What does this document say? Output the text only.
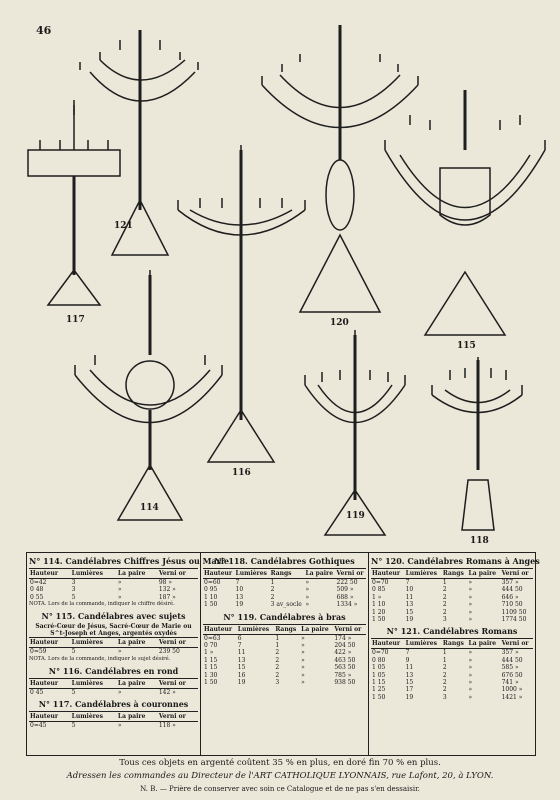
46
117
121
116
120
115
114
119
118
N° 114. Candélabres Chiffres Jésus ou Marie
Hauteur	Lumières	La paire	Verni or
0=42	3	»	98 »
0 48	3	»	132 »
0 55	5	»	187 »
NOTA. Lors de la commande, indiquer le chiffre désiré.
N° 115. Candélabres avec sujets
Sacré-Cœur de Jésus, Sacré-Cœur de Marie ou S^t-Joseph et Anges, argentés oxydés
Hauteur	Lumières	La paire	Verni or
0=59	5	»	239 50
NOTA. Lors de la commande, indiquer le sujet désiré.
N° 116. Candélabres en rond
Hauteur	Lumières	La paire	Verni or
0 45	5	»	142 »
N° 117. Candélabres à couronnes
Hauteur	Lumières	La paire	Verni or
0=45	5	»	118 »
N° 118. Candélabres Gothiques
Hauteur	Lumières	Rangs	La paire	Verni or
0=60	7	1	»	222 50
0 95	10	2	»	509 »
1 10	13	2	»	688 »
1 50	19	3 av_socle	»	1334 »
N° 119. Candélabres à bras
Hauteur	Lumières	Rangs	La paire	Verni or
0=63	6	1	»	174 »
0 70	7	1	»	204 50
1 »	11	2	»	422 »
1 15	13	2	»	463 50
1 15	15	2	»	563 50
1 30	16	2	»	785 »
1 50	19	3	»	938 50
N° 120. Candélabres Romans à Anges
Hauteur	Lumières	Rangs	La paire	Verni or
0=70	7	1	»	357 »
0 85	10	2	»	444 50
1 »	11	2	»	646 »
1 10	13	2	»	710 50
1 20	15	2	»	1109 50
1 50	19	3	»	1774 50
N° 121. Candélabres Romans
Hauteur	Lumières	Rangs	La paire	Verni or
0=70	7	1	»	357 »
0 80	9	1	»	444 50
1 05	11	2	»	585 »
1 05	13	2	»	676 50
1 15	15	2	»	741 »
1 25	17	2	»	1000 »
1 50	19	3	»	1421 »
Tous ces objets en argenté coûtent 35 % en plus, en doré fin 70 % en plus.
Adressen les commandes au Directeur de l'ART CATHOLIQUE LYONNAIS, rue Lafont, 20, à LYON.
N. B. — Prière de conserver avec soin ce Catalogue et de ne pas s'en dessaisir.
